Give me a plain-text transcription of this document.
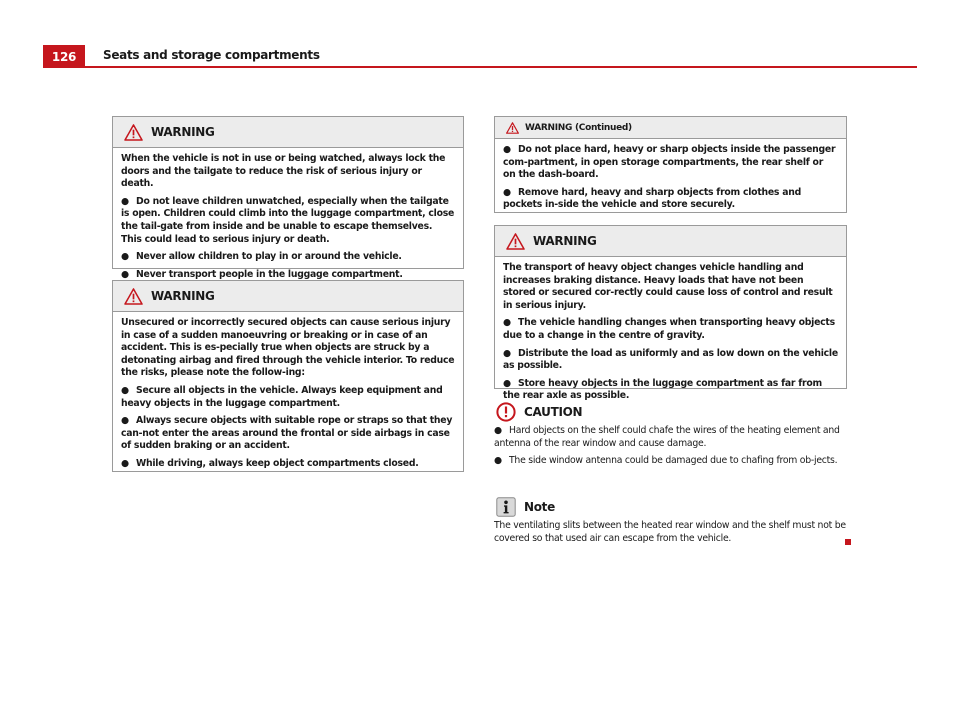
126	Seats and storage compartments
WARNING

When the vehicle is not in use or being watched, always lock the doors and the tailgate to reduce the risk of serious injury or death.

● Do not leave children unwatched, especially when the tailgate is open. Children could climb into the luggage compartment, close the tail-gate from inside and be unable to escape themselves. This could lead to serious injury or death.

● Never allow children to play in or around the vehicle.

● Never transport people in the luggage compartment.

WARNING

Unsecured or incorrectly secured objects can cause serious injury in case of a sudden manoeuvring or breaking or in case of an accident. This is es-pecially true when objects are struck by a detonating airbag and fired through the vehicle interior. To reduce the risks, please note the follow-ing:

● Secure all objects in the vehicle. Always keep equipment and heavy objects in the luggage compartment.

● Always secure objects with suitable rope or straps so that they can-not enter the areas around the frontal or side airbags in case of sudden braking or an accident.

● While driving, always keep object compartments closed.

WARNING (Continued)

● Do not place hard, heavy or sharp objects inside the passenger com-partment, in open storage compartments, the rear shelf or on the dash-board.

● Remove hard, heavy and sharp objects from clothes and pockets in-side the vehicle and store securely.

WARNING

The transport of heavy object changes vehicle handling and increases braking distance. Heavy loads that have not been stored or secured cor-rectly could cause loss of control and result in serious injury.

● The vehicle handling changes when transporting heavy objects due to a change in the centre of gravity.

● Distribute the load as uniformly and as low down on the vehicle as possible.

● Store heavy objects in the luggage compartment as far from the rear axle as possible.

CAUTION

● Hard objects on the shelf could chafe the wires of the heating element and antenna of the rear window and cause damage.

● The side window antenna could be damaged due to chafing from ob-jects.

Note

The ventilating slits between the heated rear window and the shelf must not be covered so that used air can escape from the vehicle.
